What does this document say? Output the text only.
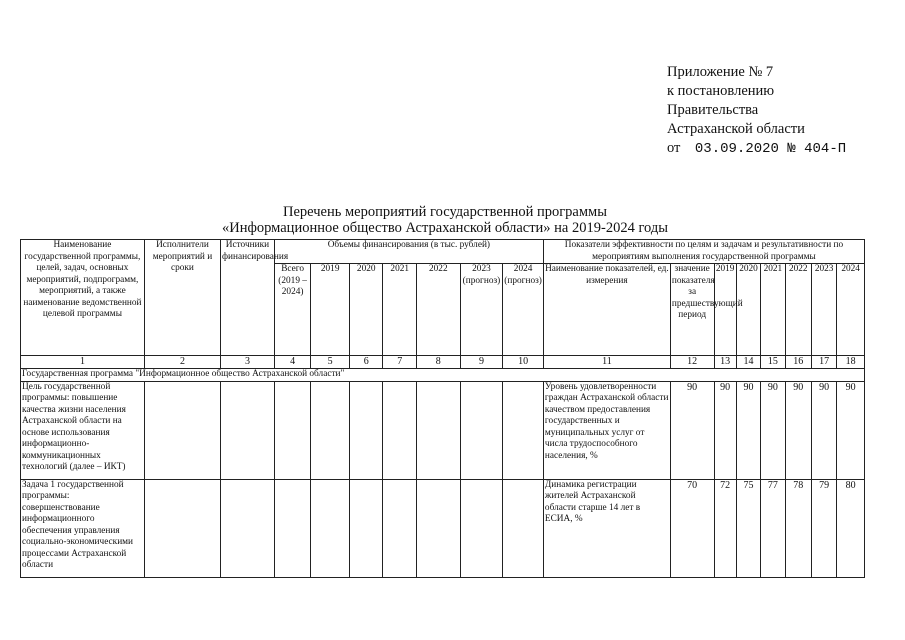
Приложение № 7
к постановлению
Правительства
Астраханской области
от 03.09.2020 № 404-П
Перечень мероприятий государственной программы
«Информационное общество Астраханской области» на 2019-2024 годы
Наименование государственной программы, целей, задач, основных мероприятий, подпрограмм, мероприятий, а также наименование ведомственной целевой программы	Исполнители мероприятий и сроки	Источники финансирования	Объемы финансирования (в тыс. рублей)							Показатели эффективности по целям и задачам и результативности по мероприятиям выполнения государственной программы							
			Всего (2019 – 2024)	2019	2020	2021	2022	2023 (прогноз)	2024 (прогноз)	Наименование показателей, ед. измерения	значение показателя за предшествующий период	2019	2020	2021	2022	2023	2024
1	2	3	4	5	6	7	8	9	10	11	12	13	14	15	16	17	18
Государственная программа "Информационное общество Астраханской области"																	
Цель государственной программы: повышение качества жизни населения Астраханской области на основе использования информационно-коммуникационных технологий (далее – ИКТ)										Уровень удовлетворенности граждан Астраханской области качеством предоставления государственных и муниципальных услуг от числа трудоспособного населения, %	90	90	90	90	90	90	90
Задача 1 государственной программы: совершенствование информационного обеспечения управления социально-экономическими процессами Астраханской области										Динамика регистрации жителей Астраханской области старше 14 лет в ЕСИА, %	70	72	75	77	78	79	80
